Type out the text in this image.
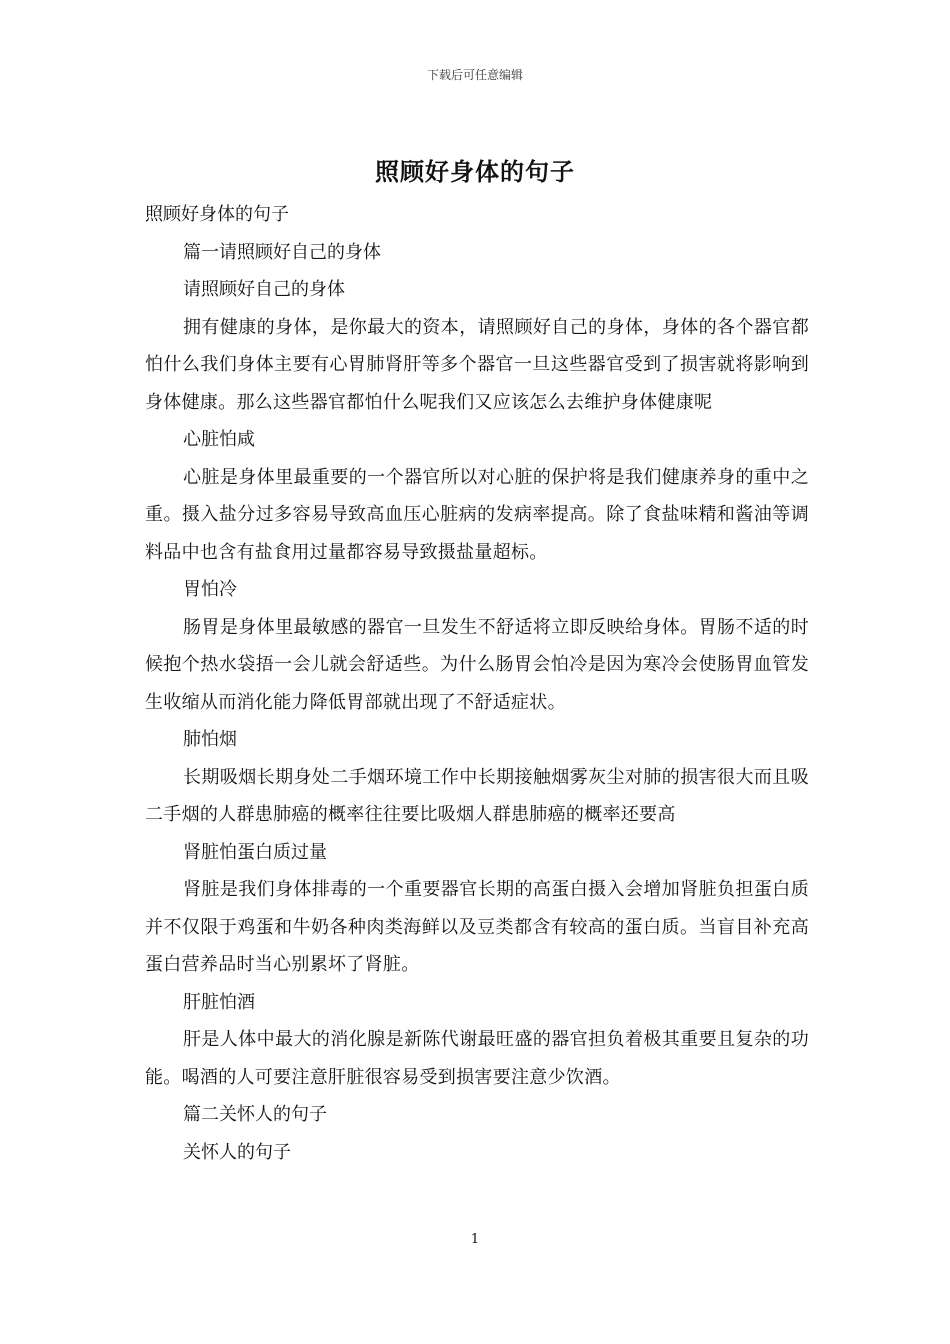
下载后可任意编辑
照顾好身体的句子

照顾好身体的句子

篇一请照顾好自己的身体

请照顾好自己的身体

拥有健康的身体，是你最大的资本，请照顾好自己的身体，身体的各个器官都怕什么我们身体主要有心胃肺肾肝等多个器官一旦这些器官受到了损害就将影响到身体健康。那么这些器官都怕什么呢我们又应该怎么去维护身体健康呢

心脏怕咸

心脏是身体里最重要的一个器官所以对心脏的保护将是我们健康养身的重中之重。摄入盐分过多容易导致高血压心脏病的发病率提高。除了食盐味精和酱油等调料品中也含有盐食用过量都容易导致摄盐量超标。

胃怕冷

肠胃是身体里最敏感的器官一旦发生不舒适将立即反映给身体。胃肠不适的时候抱个热水袋捂一会儿就会舒适些。为什么肠胃会怕冷是因为寒冷会使肠胃血管发生收缩从而消化能力降低胃部就出现了不舒适症状。

肺怕烟

长期吸烟长期身处二手烟环境工作中长期接触烟雾灰尘对肺的损害很大而且吸二手烟的人群患肺癌的概率往往要比吸烟人群患肺癌的概率还要高

肾脏怕蛋白质过量

肾脏是我们身体排毒的一个重要器官长期的高蛋白摄入会增加肾脏负担蛋白质并不仅限于鸡蛋和牛奶各种肉类海鲜以及豆类都含有较高的蛋白质。当盲目补充高蛋白营养品时当心别累坏了肾脏。

肝脏怕酒

肝是人体中最大的消化腺是新陈代谢最旺盛的器官担负着极其重要且复杂的功能。喝酒的人可要注意肝脏很容易受到损害要注意少饮酒。

篇二关怀人的句子

关怀人的句子

1
